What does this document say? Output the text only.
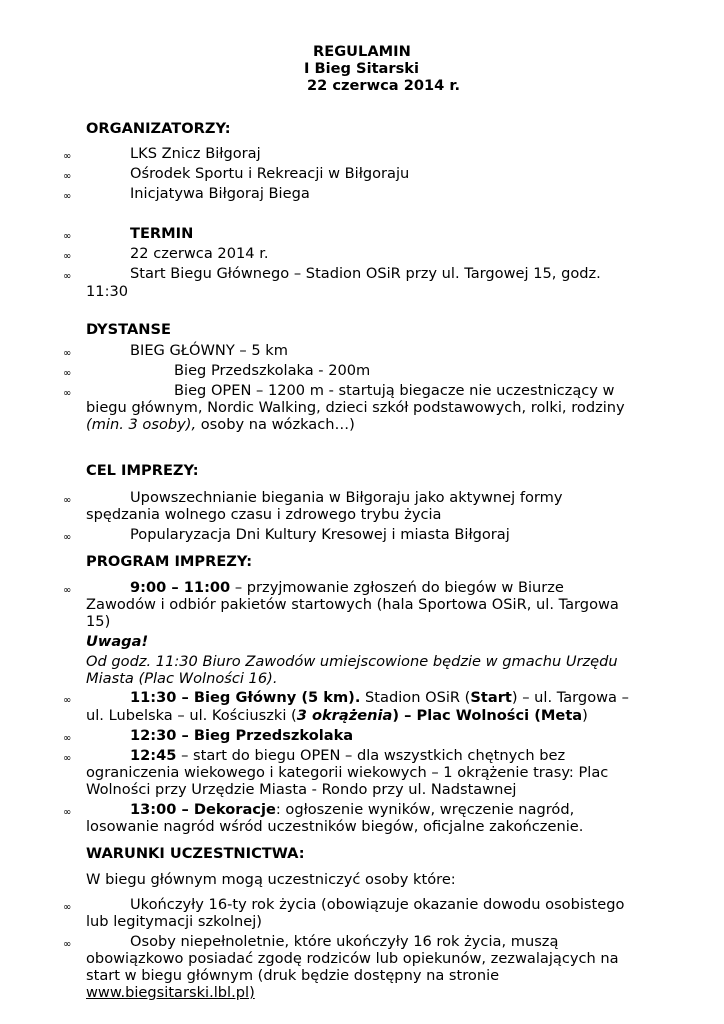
REGULAMIN
I Bieg Sitarski
22 czerwca 2014 r.
ORGANIZATORZY:
∞	LKS Znicz Biłgoraj
∞	Ośrodek Sportu i Rekreacji w Biłgoraju
∞	Inicjatywa Biłgoraj Biega
∞	TERMIN
∞	22 czerwca 2014 r.
∞	Start Biegu Głównego – Stadion OSiR przy ul. Targowej 15, godz.
11:30
DYSTANSE
∞	BIEG GŁÓWNY – 5 km
∞	Bieg Przedszkolaka - 200m
∞	Bieg OPEN – 1200 m - startują biegacze nie uczestniczący w
biegu głównym, Nordic Walking, dzieci szkół podstawowych, rolki, rodziny
(min. 3 osoby), osoby na wózkach…)
CEL IMPREZY:
∞	Upowszechnianie biegania w Biłgoraju jako aktywnej formy
spędzania wolnego czasu i zdrowego trybu życia
∞	Popularyzacja Dni Kultury Kresowej i miasta Biłgoraj
PROGRAM IMPREZY:
∞	9:00 – 11:00 – przyjmowanie zgłoszeń do biegów w Biurze
Zawodów i odbiór pakietów startowych (hala Sportowa OSiR, ul. Targowa
15)
Uwaga!
Od godz. 11:30 Biuro Zawodów umiejscowione będzie w gmachu Urzędu
Miasta (Plac Wolności 16).
∞	11:30 – Bieg Główny (5 km). Stadion OSiR (Start) – ul. Targowa –
ul. Lubelska – ul. Kościuszki (3 okrążenia) – Plac Wolności (Meta)
∞	12:30 – Bieg Przedszkolaka
∞	12:45 – start do biegu OPEN – dla wszystkich chętnych bez
ograniczenia wiekowego i kategorii wiekowych – 1 okrążenie trasy: Plac
Wolności przy Urzędzie Miasta - Rondo przy ul. Nadstawnej
∞	13:00 – Dekoracje: ogłoszenie wyników, wręczenie nagród,
losowanie nagród wśród uczestników biegów, oficjalne zakończenie.
WARUNKI UCZESTNICTWA:
W biegu głównym mogą uczestniczyć osoby które:
∞	Ukończyły 16-ty rok życia (obowiązuje okazanie dowodu osobistego
lub legitymacji szkolnej)
∞	Osoby niepełnoletnie, które ukończyły 16 rok życia, muszą
obowiązkowo posiadać zgodę rodziców lub opiekunów, zezwalających na
start w biegu głównym (druk będzie dostępny na stronie
www.biegsitarski.lbl.pl)
